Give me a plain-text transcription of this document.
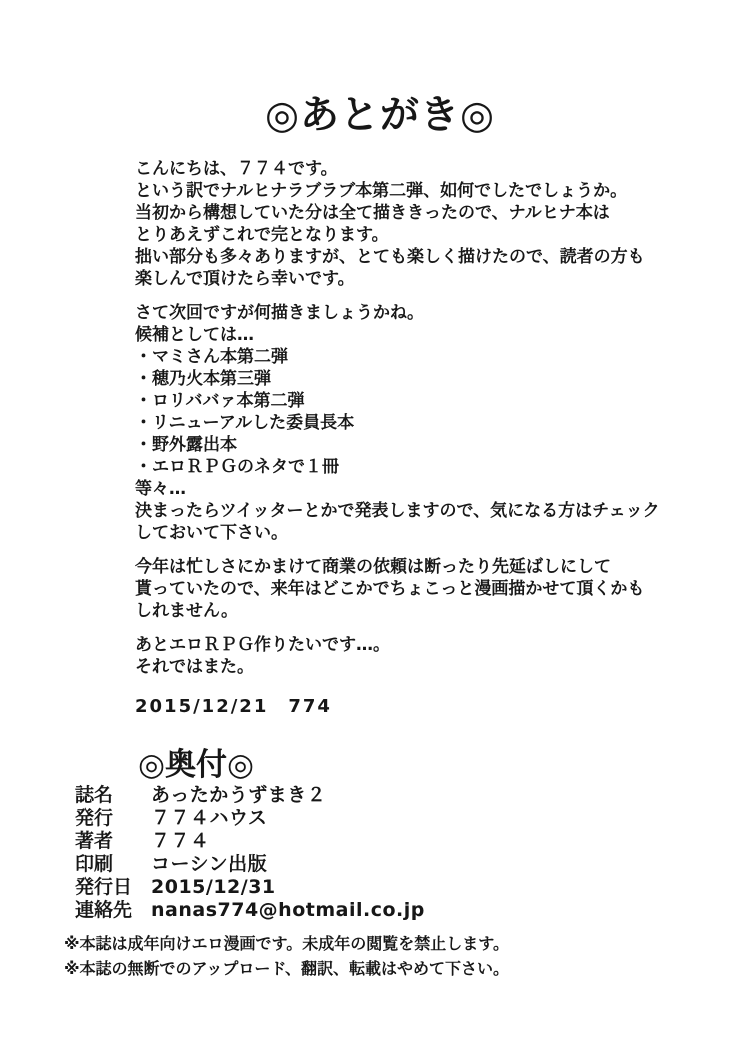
◎あとがき◎
こんにちは、７７４です。
という訳でナルヒナラブラブ本第二弾、如何でしたでしょうか。
当初から構想していた分は全て描ききったので、ナルヒナ本は
とりあえずこれで完となります。
拙い部分も多々ありますが、とても楽しく描けたので、読者の方も
楽しんで頂けたら幸いです。
さて次回ですが何描きましょうかね。
候補としては…
・マミさん本第二弾
・穂乃火本第三弾
・ロリババァ本第二弾
・リニューアルした委員長本
・野外露出本
・エロＲＰＧのネタで１冊
等々…
決まったらツイッターとかで発表しますので、気になる方はチェック
しておいて下さい。
今年は忙しさにかまけて商業の依頼は断ったり先延ばしにして
貰っていたので、来年はどこかでちょこっと漫画描かせて頂くかも
しれません。
あとエロＲＰＧ作りたいです…。
それではまた。
2015/12/21　774
◎奥付◎
誌名	あったかうずまき２
発行	７７４ハウス
著者	７７４
印刷	コーシン出版
発行日 2015/12/31
連絡先 nanas774@hotmail.co.jp
※本誌は成年向けエロ漫画です。未成年の閲覧を禁止します。
※本誌の無断でのアップロード、翻訳、転載はやめて下さい。
